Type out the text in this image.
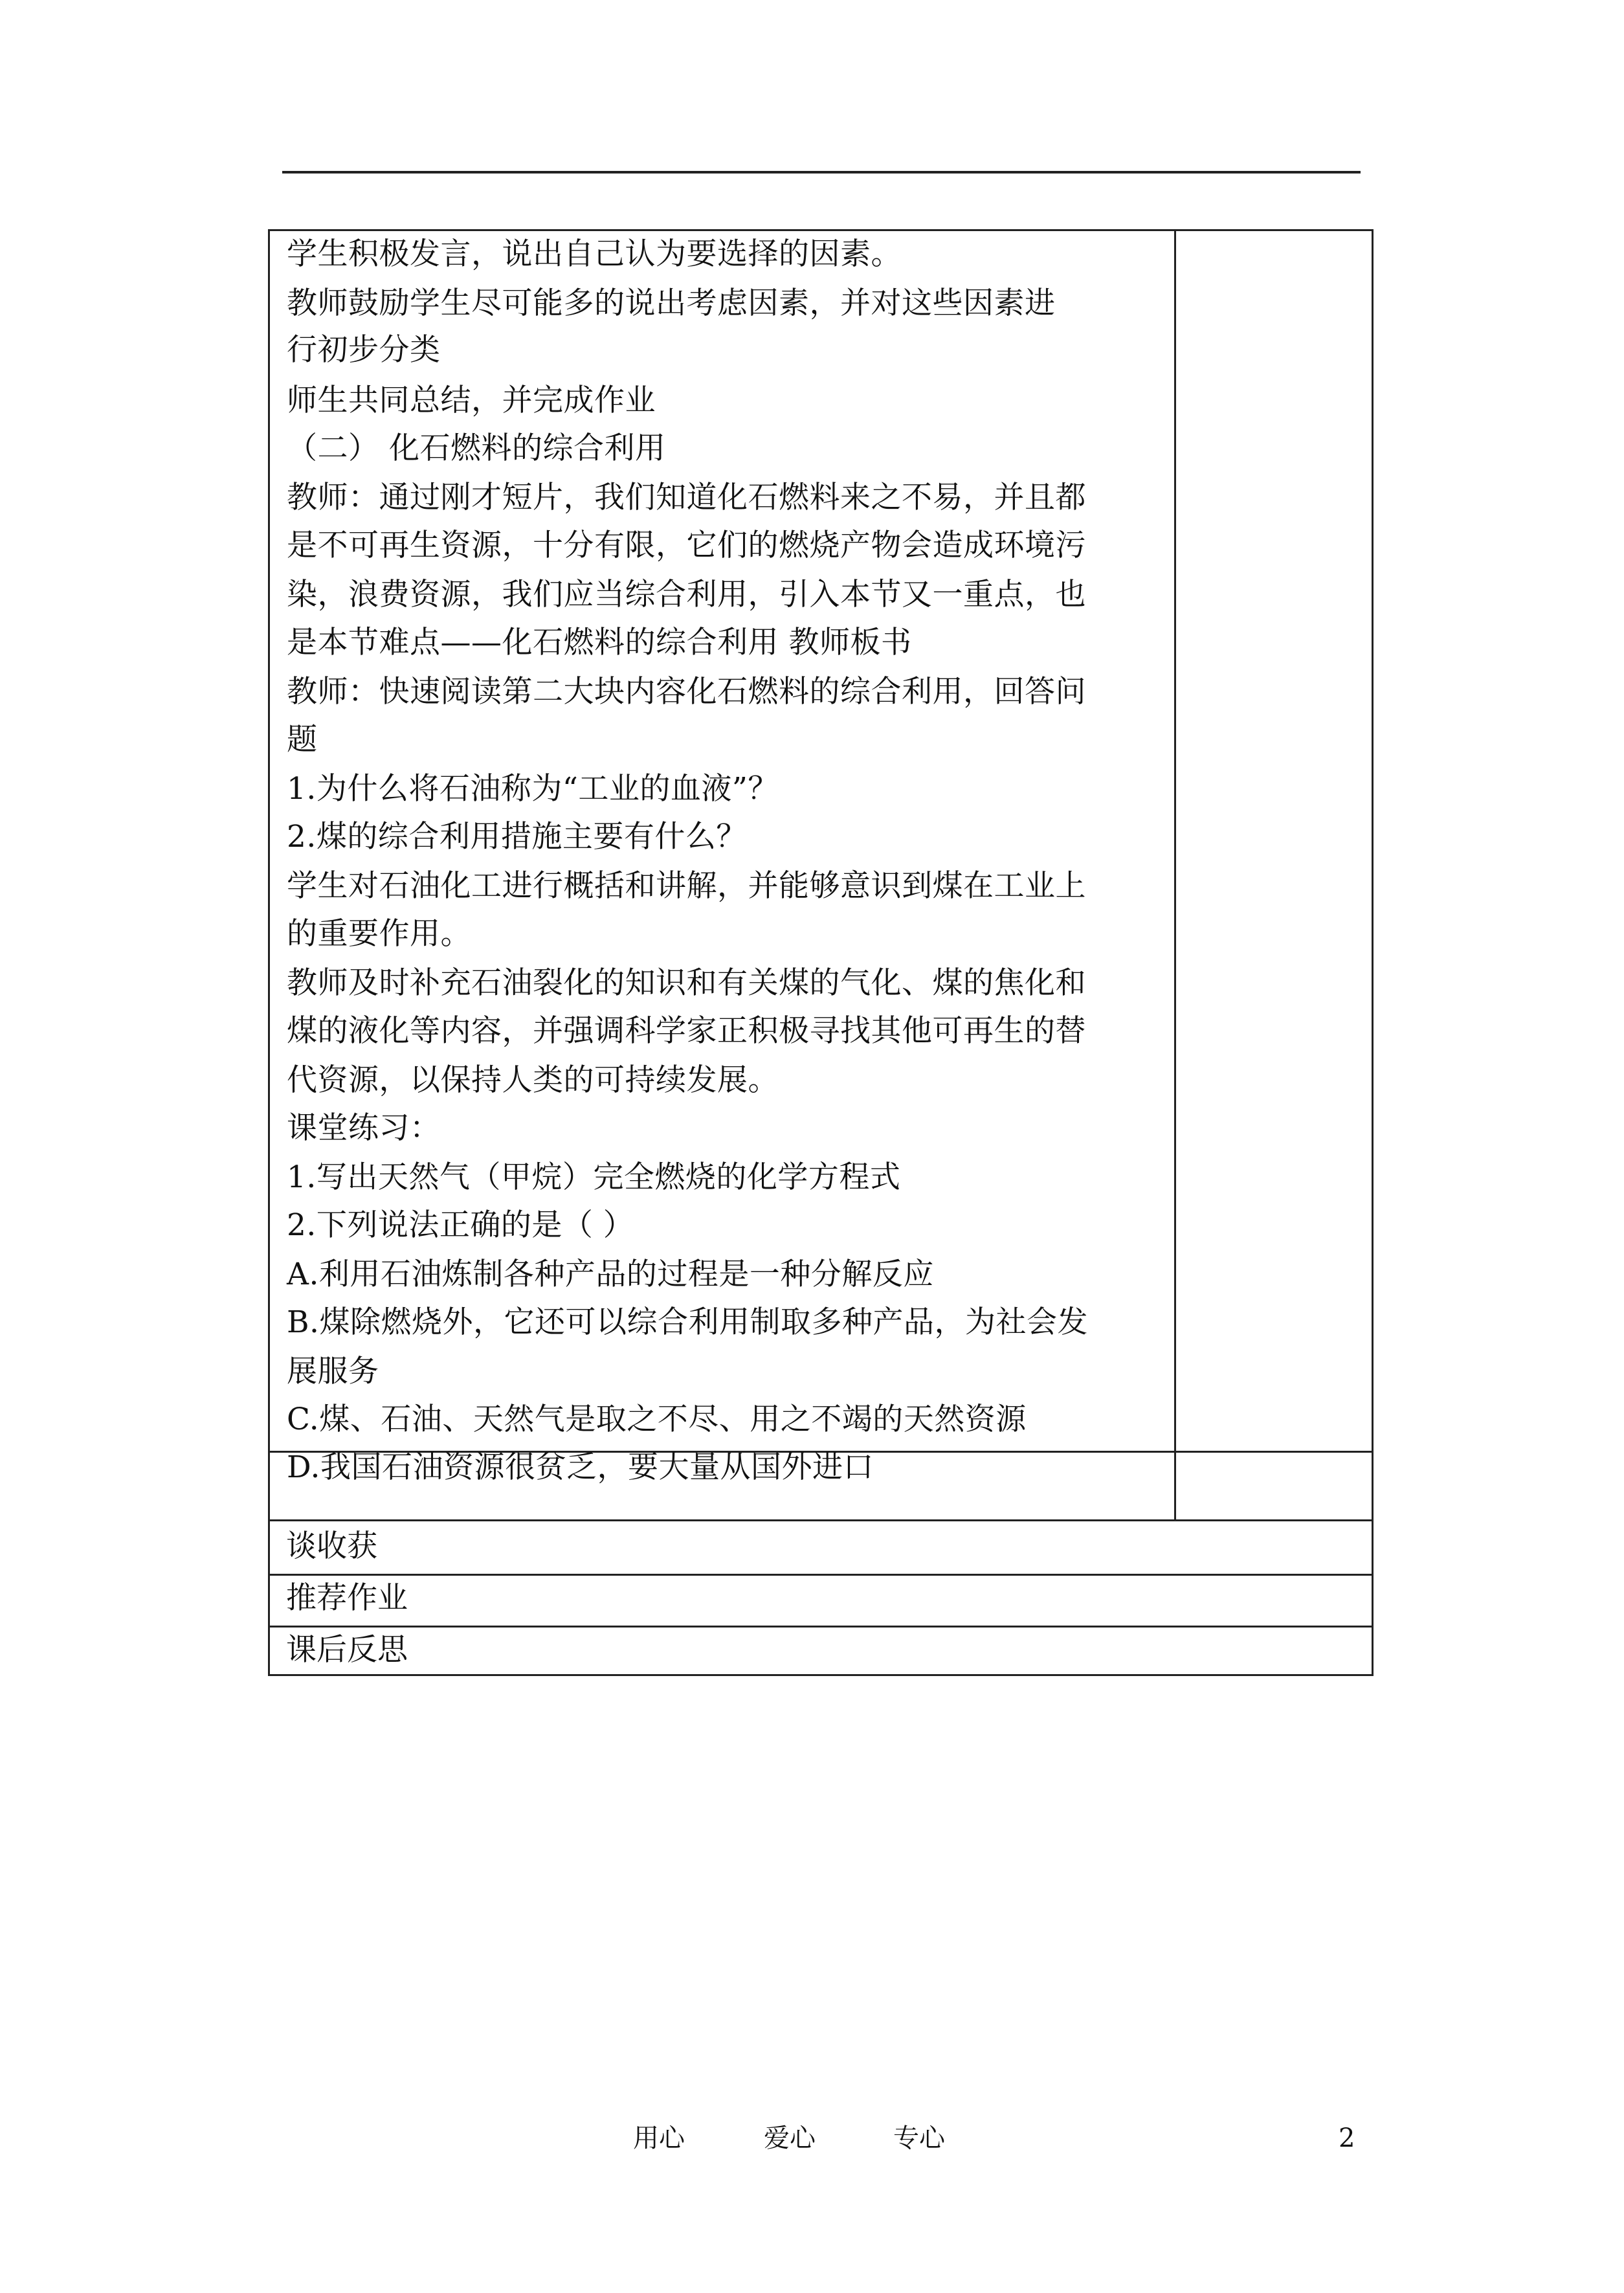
学生积极发言，说出自己认为要选择的因素。
教师鼓励学生尽可能多的说出考虑因素，并对这些因素进
行初步分类
师生共同总结，并完成作业
（二） 化石燃料的综合利用
教师：通过刚才短片，我们知道化石燃料来之不易，并且都
是不可再生资源，十分有限，它们的燃烧产物会造成环境污
染，浪费资源，我们应当综合利用，引入本节又一重点，也
是本节难点——化石燃料的综合利用 教师板书
教师：快速阅读第二大块内容化石燃料的综合利用，回答问
题
1.为什么将石油称为“工业的血液”？
2.煤的综合利用措施主要有什么？
学生对石油化工进行概括和讲解，并能够意识到煤在工业上
的重要作用。
教师及时补充石油裂化的知识和有关煤的气化、煤的焦化和
煤的液化等内容，并强调科学家正积极寻找其他可再生的替
代资源，以保持人类的可持续发展。
课堂练习：
1.写出天然气（甲烷）完全燃烧的化学方程式
2.下列说法正确的是（ ）
A.利用石油炼制各种产品的过程是一种分解反应
B.煤除燃烧外，它还可以综合利用制取多种产品，为社会发
展服务
C.煤、石油、天然气是取之不尽、用之不竭的天然资源
D.我国石油资源很贫乏，要大量从国外进口
谈收获
推荐作业
课后反思
用心	爱心	专心	2
